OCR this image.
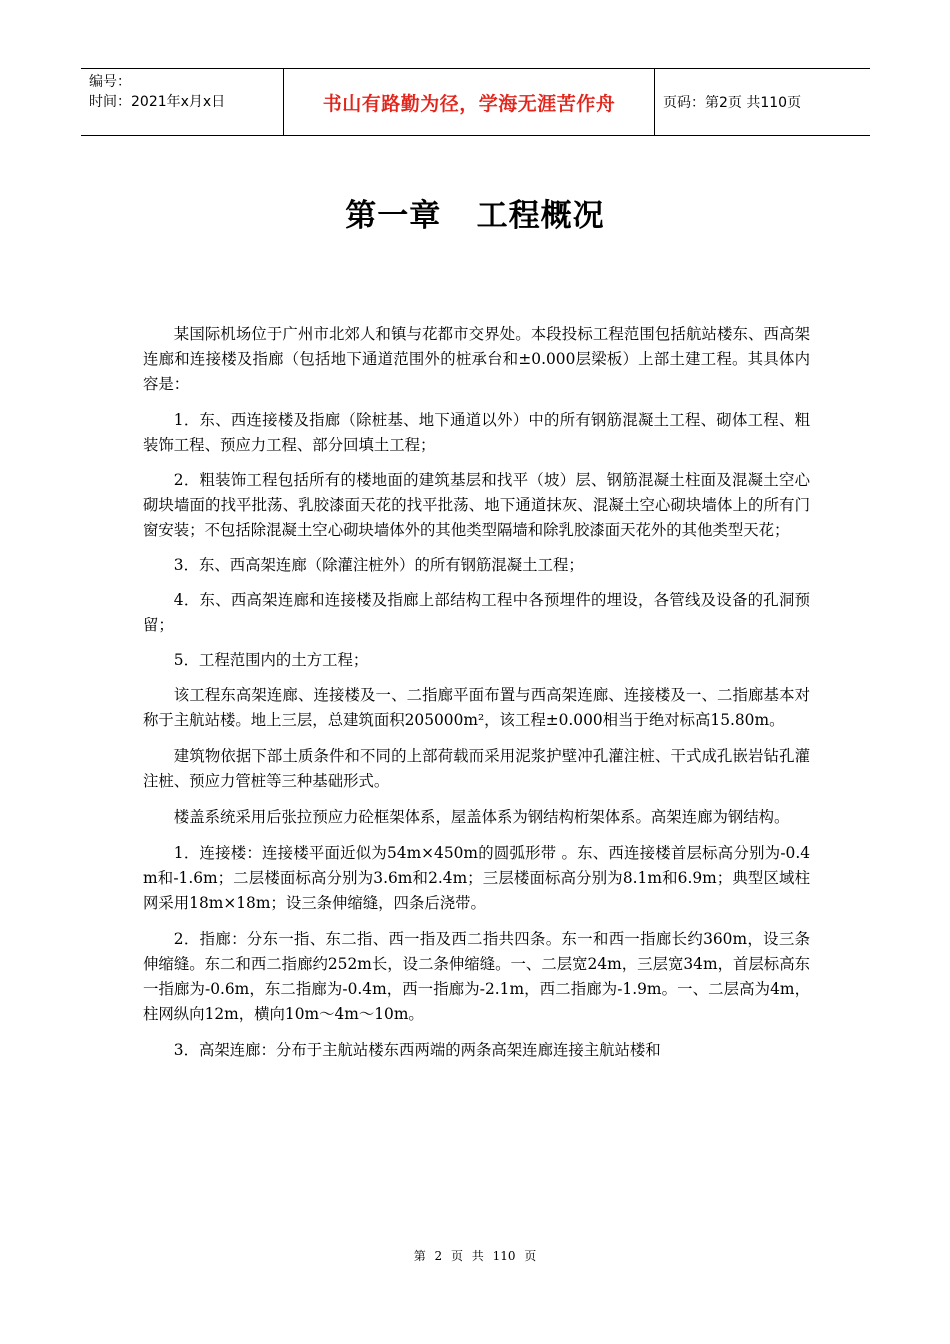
编号：
时间：2021年x月x日	书山有路勤为径，学海无涯苦作舟	页码：第2页 共110页
第一章   工程概况

某国际机场位于广州市北郊人和镇与花都市交界处。本段投标工程范围包括航站楼东、西高架连廊和连接楼及指廊（包括地下通道范围外的桩承台和±0.000层梁板）上部土建工程。其具体内容是：

1．东、西连接楼及指廊（除桩基、地下通道以外）中的所有钢筋混凝土工程、砌体工程、粗装饰工程、预应力工程、部分回填土工程；

2．粗装饰工程包括所有的楼地面的建筑基层和找平（坡）层、钢筋混凝土柱面及混凝土空心砌块墙面的找平批荡、乳胶漆面天花的找平批荡、地下通道抹灰、混凝土空心砌块墙体上的所有门窗安装；不包括除混凝土空心砌块墙体外的其他类型隔墙和除乳胶漆面天花外的其他类型天花；

3．东、西高架连廊（除灌注桩外）的所有钢筋混凝土工程；

4．东、西高架连廊和连接楼及指廊上部结构工程中各预埋件的埋设，各管线及设备的孔洞预留；

5．工程范围内的土方工程；

该工程东高架连廊、连接楼及一、二指廊平面布置与西高架连廊、连接楼及一、二指廊基本对称于主航站楼。地上三层，总建筑面积205000m²，该工程±0.000相当于绝对标高15.80m。

建筑物依据下部土质条件和不同的上部荷载而采用泥浆护壁冲孔灌注桩、干式成孔嵌岩钻孔灌注桩、预应力管桩等三种基础形式。

楼盖系统采用后张拉预应力砼框架体系，屋盖体系为钢结构桁架体系。高架连廊为钢结构。

1．连接楼：连接楼平面近似为54m×450m的圆弧形带 。东、西连接楼首层标高分别为-0.4m和-1.6m；二层楼面标高分别为3.6m和2.4m；三层楼面标高分别为8.1m和6.9m；典型区域柱网采用18m×18m；设三条伸缩缝，四条后浇带。

2．指廊：分东一指、东二指、西一指及西二指共四条。东一和西一指廊长约360m，设三条伸缩缝。东二和西二指廊约252m长，设二条伸缩缝。一、二层宽24m，三层宽34m，首层标高东一指廊为-0.6m，东二指廊为-0.4m，西一指廊为-2.1m，西二指廊为-1.9m。一、二层高为4m，柱网纵向12m，横向10m～4m～10m。

3．高架连廊：分布于主航站楼东西两端的两条高架连廊连接主航站楼和

第 2 页 共 110 页
